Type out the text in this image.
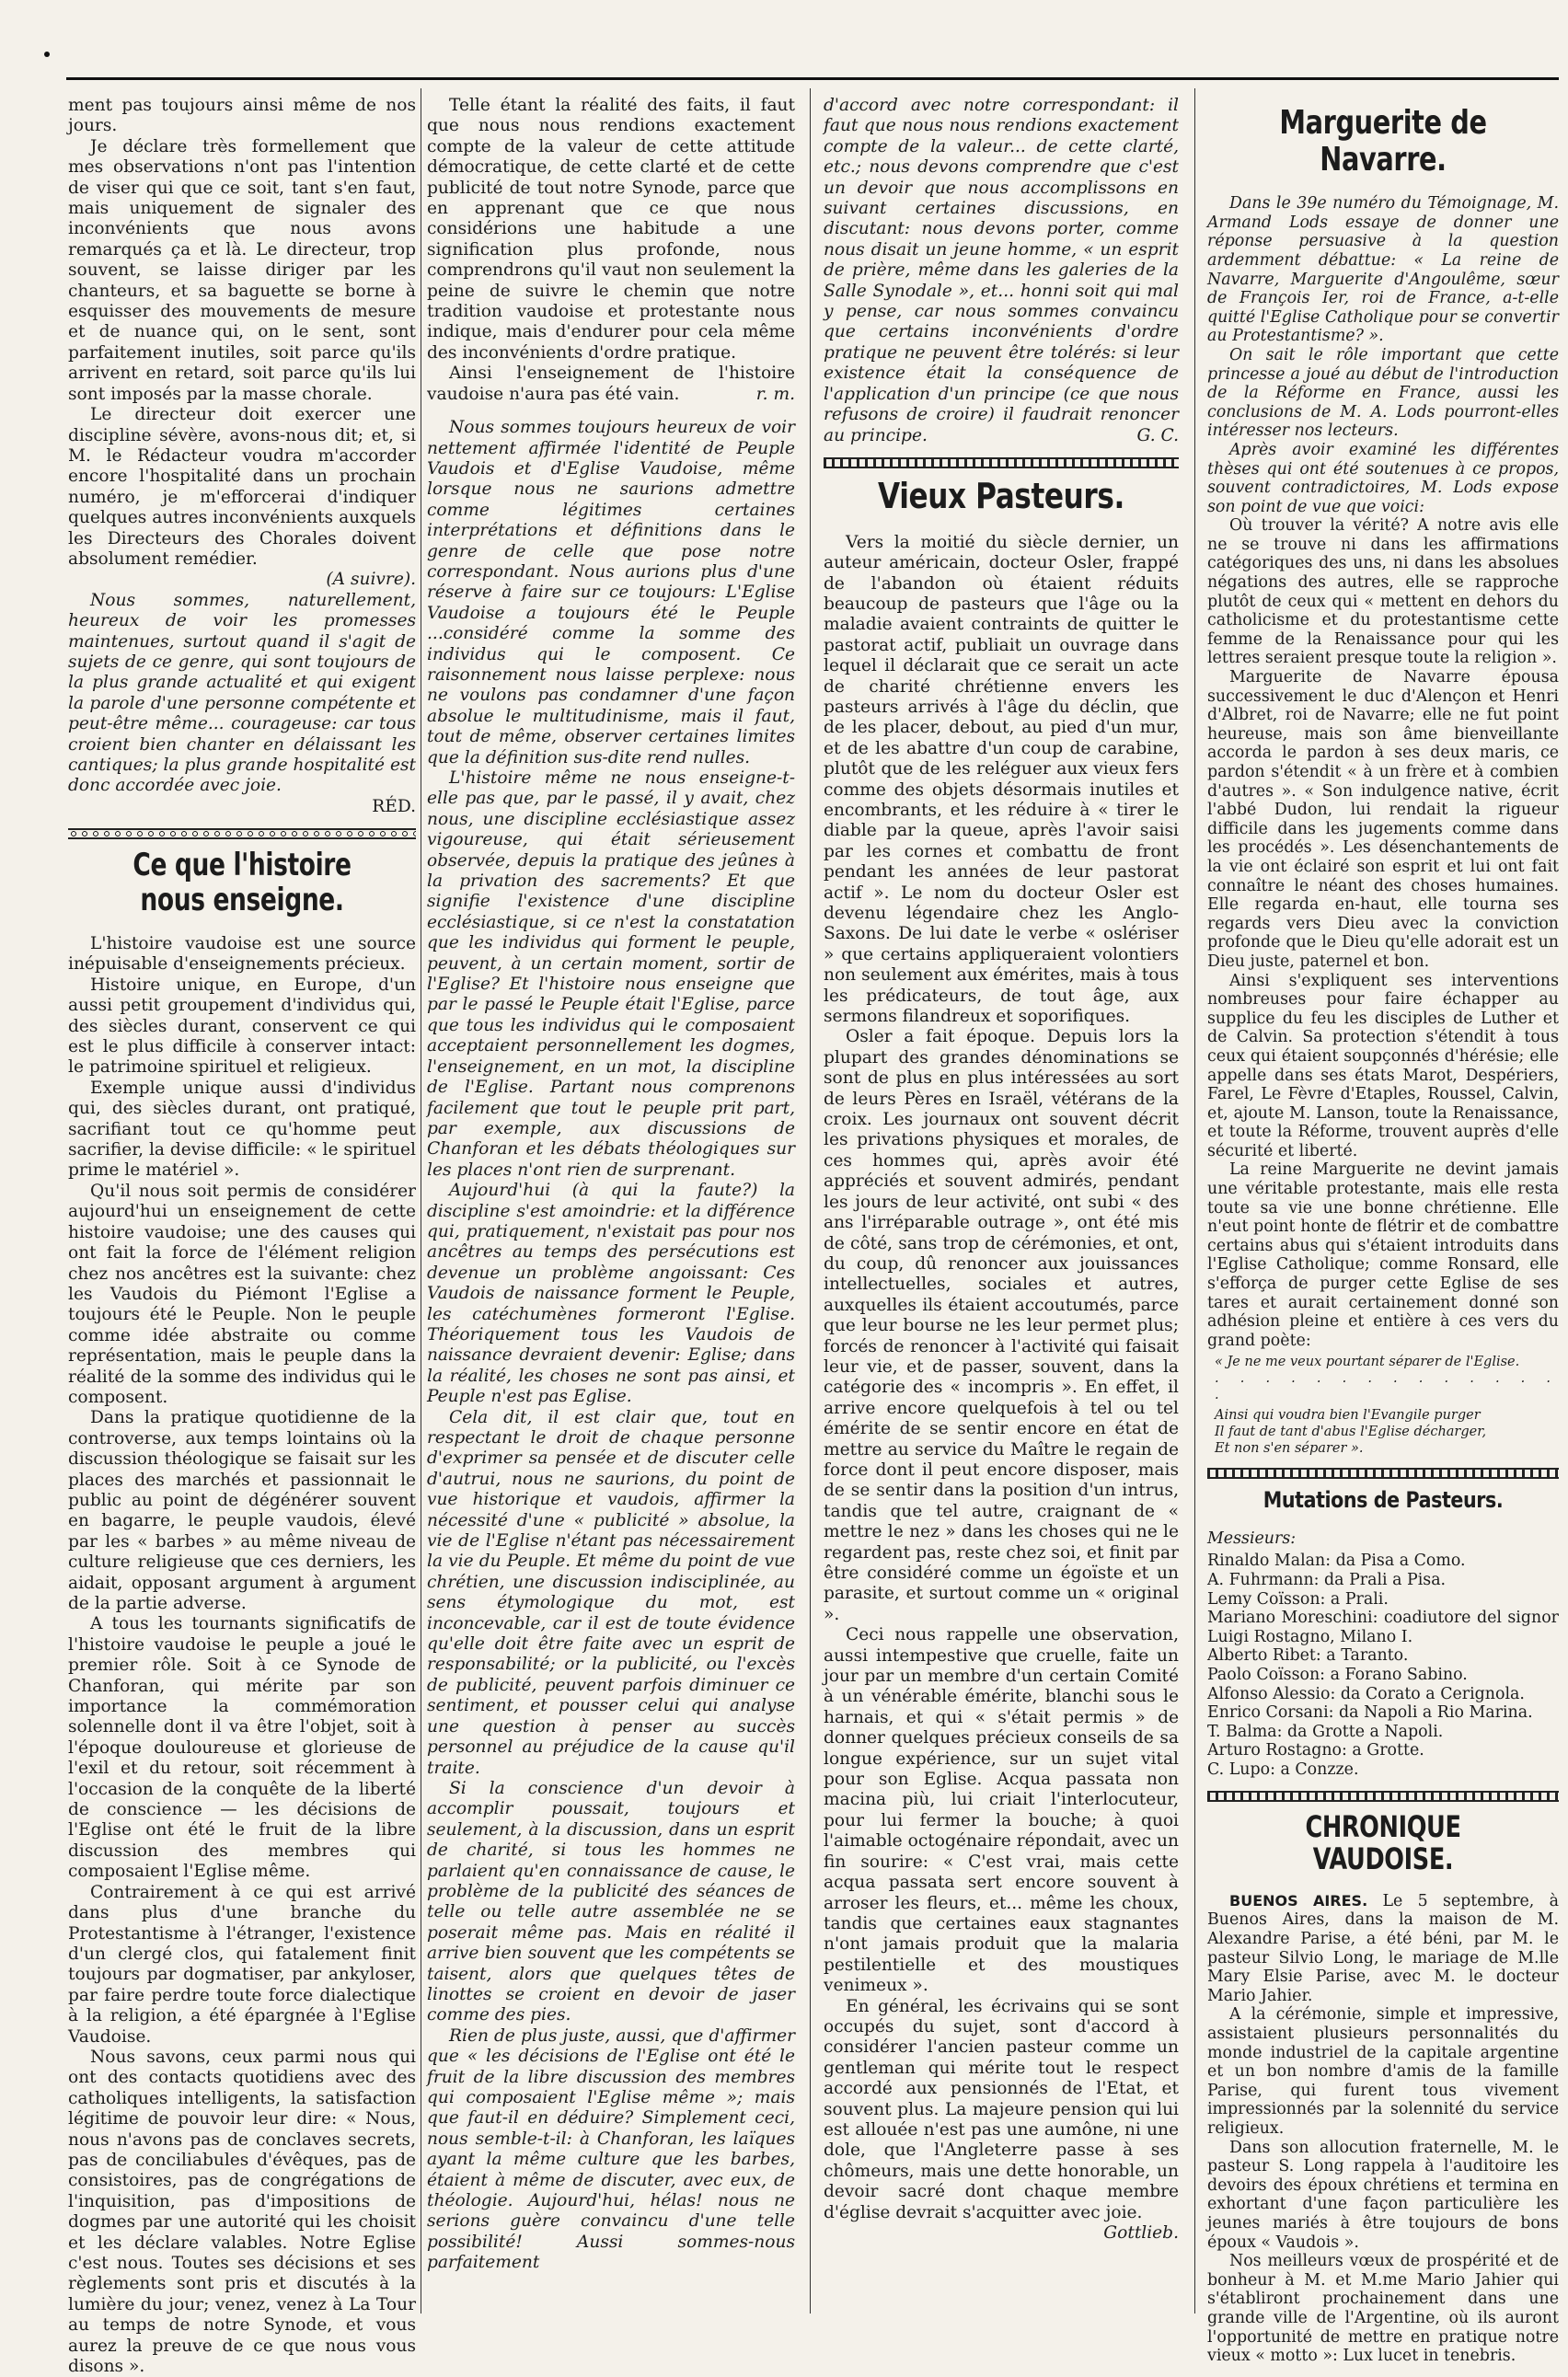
ment pas toujours ainsi même de nos jours.

Je déclare très formellement que mes observations n'ont pas l'intention de viser qui que ce soit, tant s'en faut, mais uniquement de signaler des inconvénients que nous avons remarqués ça et là. Le directeur, trop souvent, se laisse diriger par les chanteurs, et sa baguette se borne à esquisser des mouvements de mesure et de nuance qui, on le sent, sont parfaitement inutiles, soit parce qu'ils arrivent en retard, soit parce qu'ils lui sont imposés par la masse chorale.

Le directeur doit exercer une discipline sévère, avons-nous dit; et, si M. le Rédacteur voudra m'accorder encore l'hospitalité dans un prochain numéro, je m'efforcerai d'indiquer quelques autres inconvénients auxquels les Directeurs des Chorales doivent absolument remédier.

(A suivre).

Nous sommes, naturellement, heureux de voir les promesses maintenues, surtout quand il s'agit de sujets de ce genre, qui sont toujours de la plus grande actualité et qui exigent la parole d'une personne compétente et peut-être même... courageuse: car tous croient bien chanter en délaissant les cantiques; la plus grande hospitalité est donc accordée avec joie.

RÉD.
Ce que l'histoire nous enseigne.

L'histoire vaudoise est une source inépuisable d'enseignements précieux.

Histoire unique, en Europe, d'un aussi petit groupement d'individus qui, des siècles durant, conservent ce qui est le plus difficile à conserver intact: le patrimoine spirituel et religieux.

Exemple unique aussi d'individus qui, des siècles durant, ont pratiqué, sacrifiant tout ce qu'homme peut sacrifier, la devise difficile: « le spirituel prime le matériel ».

Qu'il nous soit permis de considérer aujourd'hui un enseignement de cette histoire vaudoise; une des causes qui ont fait la force de l'élément religion chez nos ancêtres est la suivante: chez les Vaudois du Piémont l'Eglise a toujours été le Peuple. Non le peuple comme idée abstraite ou comme représentation, mais le peuple dans la réalité de la somme des individus qui le composent.

Dans la pratique quotidienne de la controverse, aux temps lointains où la discussion théologique se faisait sur les places des marchés et passionnait le public au point de dégénérer souvent en bagarre, le peuple vaudois, élevé par les « barbes » au même niveau de culture religieuse que ces derniers, les aidait, opposant argument à argument de la partie adverse.

A tous les tournants significatifs de l'histoire vaudoise le peuple a joué le premier rôle. Soit à ce Synode de Chanforan, qui mérite par son importance la commémoration solennelle dont il va être l'objet, soit à l'époque douloureuse et glorieuse de l'exil et du retour, soit récemment à l'occasion de la conquête de la liberté de conscience — les décisions de l'Eglise ont été le fruit de la libre discussion des membres qui composaient l'Eglise même.

Contrairement à ce qui est arrivé dans plus d'une branche du Protestantisme à l'étranger, l'existence d'un clergé clos, qui fatalement finit toujours par dogmatiser, par ankyloser, par faire perdre toute force dialectique à la religion, a été épargnée à l'Eglise Vaudoise.

Nous savons, ceux parmi nous qui ont des contacts quotidiens avec des catholiques intelligents, la satisfaction légitime de pouvoir leur dire: « Nous, nous n'avons pas de conclaves secrets, pas de conciliabules d'évêques, pas de consistoires, pas de congrégations de l'inquisition, pas d'impositions de dogmes par une autorité qui les choisit et les déclare valables. Notre Eglise c'est nous. Toutes ses décisions et ses règlements sont pris et discutés à la lumière du jour; venez, venez à La Tour au temps de notre Synode, et vous aurez la preuve de ce que nous vous disons ».

Telle étant la réalité des faits, il faut que nous nous rendions exactement compte de la valeur de cette attitude démocratique, de cette clarté et de cette publicité de tout notre Synode, parce que en apprenant que ce que nous considérions une habitude a une signification plus profonde, nous comprendrons qu'il vaut non seulement la peine de suivre le chemin que notre tradition vaudoise et protestante nous indique, mais d'endurer pour cela même des inconvénients d'ordre pratique.

Ainsi l'enseignement de l'histoire vaudoise n'aura pas été vain.	r. m.

Nous sommes toujours heureux de voir nettement affirmée l'identité de Peuple Vaudois et d'Eglise Vaudoise, même lorsque nous ne saurions admettre comme légitimes certaines interprétations et définitions dans le genre de celle que pose notre correspondant. Nous aurions plus d'une réserve à faire sur ce toujours: L'Eglise Vaudoise a toujours été le Peuple ...considéré comme la somme des individus qui le composent. Ce raisonnement nous laisse perplexe: nous ne voulons pas condamner d'une façon absolue le multitudinisme, mais il faut, tout de même, observer certaines limites que la définition sus-dite rend nulles.

L'histoire même ne nous enseigne-t-elle pas que, par le passé, il y avait, chez nous, une discipline ecclésiastique assez vigoureuse, qui était sérieusement observée, depuis la pratique des jeûnes à la privation des sacrements? Et que signifie l'existence d'une discipline ecclésiastique, si ce n'est la constatation que les individus qui forment le peuple, peuvent, à un certain moment, sortir de l'Eglise? Et l'histoire nous enseigne que par le passé le Peuple était l'Eglise, parce que tous les individus qui le composaient acceptaient personnellement les dogmes, l'enseignement, en un mot, la discipline de l'Eglise. Partant nous comprenons facilement que tout le peuple prit part, par exemple, aux discussions de Chanforan et les débats théologiques sur les places n'ont rien de surprenant.

Aujourd'hui (à qui la faute?) la discipline s'est amoindrie: et la différence qui, pratiquement, n'existait pas pour nos ancêtres au temps des persécutions est devenue un problème angoissant: Ces Vaudois de naissance forment le Peuple, les catéchumènes formeront l'Eglise. Théoriquement tous les Vaudois de naissance devraient devenir: Eglise; dans la réalité, les choses ne sont pas ainsi, et Peuple n'est pas Eglise.

Cela dit, il est clair que, tout en respectant le droit de chaque personne d'exprimer sa pensée et de discuter celle d'autrui, nous ne saurions, du point de vue historique et vaudois, affirmer la nécessité d'une « publicité » absolue, la vie de l'Eglise n'étant pas nécessairement la vie du Peuple. Et même du point de vue chrétien, une discussion indisciplinée, au sens étymologique du mot, est inconcevable, car il est de toute évidence qu'elle doit être faite avec un esprit de responsabilité; or la publicité, ou l'excès de publicité, peuvent parfois diminuer ce sentiment, et pousser celui qui analyse une question à penser au succès personnel au préjudice de la cause qu'il traite.

Si la conscience d'un devoir à accomplir poussait, toujours et seulement, à la discussion, dans un esprit de charité, si tous les hommes ne parlaient qu'en connaissance de cause, le problème de la publicité des séances de telle ou telle autre assemblée ne se poserait même pas. Mais en réalité il arrive bien souvent que les compétents se taisent, alors que quelques têtes de linottes se croient en devoir de jaser comme des pies.

Rien de plus juste, aussi, que d'affirmer que « les décisions de l'Eglise ont été le fruit de la libre discussion des membres qui composaient l'Eglise même »; mais que faut-il en déduire? Simplement ceci, nous semble-t-il: à Chanforan, les laïques ayant la même culture que les barbes, étaient à même de discuter, avec eux, de théologie. Aujourd'hui, hélas! nous ne serions guère convaincu d'une telle possibilité! Aussi sommes-nous parfaitement

d'accord avec notre correspondant: il faut que nous nous rendions exactement compte de la valeur... de cette clarté, etc.; nous devons comprendre que c'est un devoir que nous accomplissons en suivant certaines discussions, en discutant: nous devons porter, comme nous disait un jeune homme, « un esprit de prière, même dans les galeries de la Salle Synodale », et... honni soit qui mal y pense, car nous sommes convaincu que certains inconvénients d'ordre pratique ne peuvent être tolérés: si leur existence était la conséquence de l'application d'un principe (ce que nous refusons de croire) il faudrait renoncer au principe.	G. C.

Vieux Pasteurs.

Vers la moitié du siècle dernier, un auteur américain, docteur Osler, frappé de l'abandon où étaient réduits beaucoup de pasteurs que l'âge ou la maladie avaient contraints de quitter le pastorat actif, publiait un ouvrage dans lequel il déclarait que ce serait un acte de charité chrétienne envers les pasteurs arrivés à l'âge du déclin, que de les placer, debout, au pied d'un mur, et de les abattre d'un coup de carabine, plutôt que de les reléguer aux vieux fers comme des objets désormais inutiles et encombrants, et les réduire à « tirer le diable par la queue, après l'avoir saisi par les cornes et combattu de front pendant les années de leur pastorat actif ». Le nom du docteur Osler est devenu légendaire chez les Anglo-Saxons. De lui date le verbe « oslériser » que certains appliqueraient volontiers non seulement aux émérites, mais à tous les prédicateurs, de tout âge, aux sermons filandreux et soporifiques.

Osler a fait époque. Depuis lors la plupart des grandes dénominations se sont de plus en plus intéressées au sort de leurs Pères en Israël, vétérans de la croix. Les journaux ont souvent décrit les privations physiques et morales, de ces hommes qui, après avoir été appréciés et souvent admirés, pendant les jours de leur activité, ont subi « des ans l'irréparable outrage », ont été mis de côté, sans trop de cérémonies, et ont, du coup, dû renoncer aux jouissances intellectuelles, sociales et autres, auxquelles ils étaient accoutumés, parce que leur bourse ne les leur permet plus; forcés de renoncer à l'activité qui faisait leur vie, et de passer, souvent, dans la catégorie des « incompris ». En effet, il arrive encore quelquefois à tel ou tel émérite de se sentir encore en état de mettre au service du Maître le regain de force dont il peut encore disposer, mais de se sentir dans la position d'un intrus, tandis que tel autre, craignant de « mettre le nez » dans les choses qui ne le regardent pas, reste chez soi, et finit par être considéré comme un égoïste et un parasite, et surtout comme un « original ».

Ceci nous rappelle une observation, aussi intempestive que cruelle, faite un jour par un membre d'un certain Comité à un vénérable émérite, blanchi sous le harnais, et qui « s'était permis » de donner quelques précieux conseils de sa longue expérience, sur un sujet vital pour son Eglise. Acqua passata non macina più, lui criait l'interlocuteur, pour lui fermer la bouche; à quoi l'aimable octogénaire répondait, avec un fin sourire: « C'est vrai, mais cette acqua passata sert encore souvent à arroser les fleurs, et... même les choux, tandis que certaines eaux stagnantes n'ont jamais produit que la malaria pestilentielle et des moustiques venimeux ».

En général, les écrivains qui se sont occupés du sujet, sont d'accord à considérer l'ancien pasteur comme un gentleman qui mérite tout le respect accordé aux pensionnés de l'Etat, et souvent plus. La majeure pension qui lui est allouée n'est pas une aumône, ni une dole, que l'Angleterre passe à ses chômeurs, mais une dette honorable, un devoir sacré dont chaque membre d'église devrait s'acquitter avec joie.

Gottlieb.
Marguerite de Navarre.

Dans le 39e numéro du Témoignage, M. Armand Lods essaye de donner une réponse persuasive à la question ardemment débattue: « La reine de Navarre, Marguerite d'Angoulême, sœur de François Ier, roi de France, a-t-elle quitté l'Eglise Catholique pour se convertir au Protestantisme? ».

On sait le rôle important que cette princesse a joué au début de l'introduction de la Réforme en France, aussi les conclusions de M. A. Lods pourront-elles intéresser nos lecteurs.

Après avoir examiné les différentes thèses qui ont été soutenues à ce propos, souvent contradictoires, M. Lods expose son point de vue que voici:

Où trouver la vérité? A notre avis elle ne se trouve ni dans les affirmations catégoriques des uns, ni dans les absolues négations des autres, elle se rapproche plutôt de ceux qui « mettent en dehors du catholicisme et du protestantisme cette femme de la Renaissance pour qui les lettres seraient presque toute la religion ».

Marguerite de Navarre épousa successivement le duc d'Alençon et Henri d'Albret, roi de Navarre; elle ne fut point heureuse, mais son âme bienveillante accorda le pardon à ses deux maris, ce pardon s'étendit « à un frère et à combien d'autres ». « Son indulgence native, écrit l'abbé Dudon, lui rendait la rigueur difficile dans les jugements comme dans les procédés ». Les désenchantements de la vie ont éclairé son esprit et lui ont fait connaître le néant des choses humaines. Elle regarda en-haut, elle tourna ses regards vers Dieu avec la conviction profonde que le Dieu qu'elle adorait est un Dieu juste, paternel et bon.

Ainsi s'expliquent ses interventions nombreuses pour faire échapper au supplice du feu les disciples de Luther et de Calvin. Sa protection s'étendit à tous ceux qui étaient soupçonnés d'hérésie; elle appelle dans ses états Marot, Despériers, Farel, Le Fèvre d'Etaples, Roussel, Calvin, et, ajoute M. Lanson, toute la Renaissance, et toute la Réforme, trouvent auprès d'elle sécurité et liberté.

La reine Marguerite ne devint jamais une véritable protestante, mais elle resta toute sa vie une bonne chrétienne. Elle n'eut point honte de flétrir et de combattre certains abus qui s'étaient introduits dans l'Eglise Catholique; comme Ronsard, elle s'efforça de purger cette Eglise de ses tares et aurait certainement donné son adhésion pleine et entière à ces vers du grand poète:

« Je ne me veux pourtant séparer de l'Eglise.
. . . . . . . . . . . . . . .
Ainsi qui voudra bien l'Evangile purger
Il faut de tant d'abus l'Eglise décharger,
Et non s'en séparer ».
Mutations de Pasteurs.
Messieurs:
Rinaldo Malan: da Pisa a Como.
A. Fuhrmann: da Prali a Pisa.
Lemy Coïsson: a Prali.
Mariano Moreschini: coadiutore del signor Luigi Rostagno, Milano I.
Alberto Ribet: a Taranto.
Paolo Coïsson: a Forano Sabino.
Alfonso Alessio: da Corato a Cerignola.
Enrico Corsani: da Napoli a Rio Marina.
T. Balma: da Grotte a Napoli.
Arturo Rostagno: a Grotte.
C. Lupo: a Conzze.
CHRONIQUE VAUDOISE.

BUENOS AIRES. Le 5 septembre, à Buenos Aires, dans la maison de M. Alexandre Parise, a été béni, par M. le pasteur Silvio Long, le mariage de M.lle Mary Elsie Parise, avec M. le docteur Mario Jahier.

A la cérémonie, simple et impressive, assistaient plusieurs personnalités du monde industriel de la capitale argentine et un bon nombre d'amis de la famille Parise, qui furent tous vivement impressionnés par la solennité du service religieux.

Dans son allocution fraternelle, M. le pasteur S. Long rappela à l'auditoire les devoirs des époux chrétiens et termina en exhortant d'une façon particulière les jeunes mariés à être toujours de bons époux « Vaudois ».

Nos meilleurs vœux de prospérité et de bonheur à M. et M.me Mario Jahier qui s'établiront prochainement dans une grande ville de l'Argentine, où ils auront l'opportunité de mettre en pratique notre vieux « motto »: Lux lucet in tenebris.
